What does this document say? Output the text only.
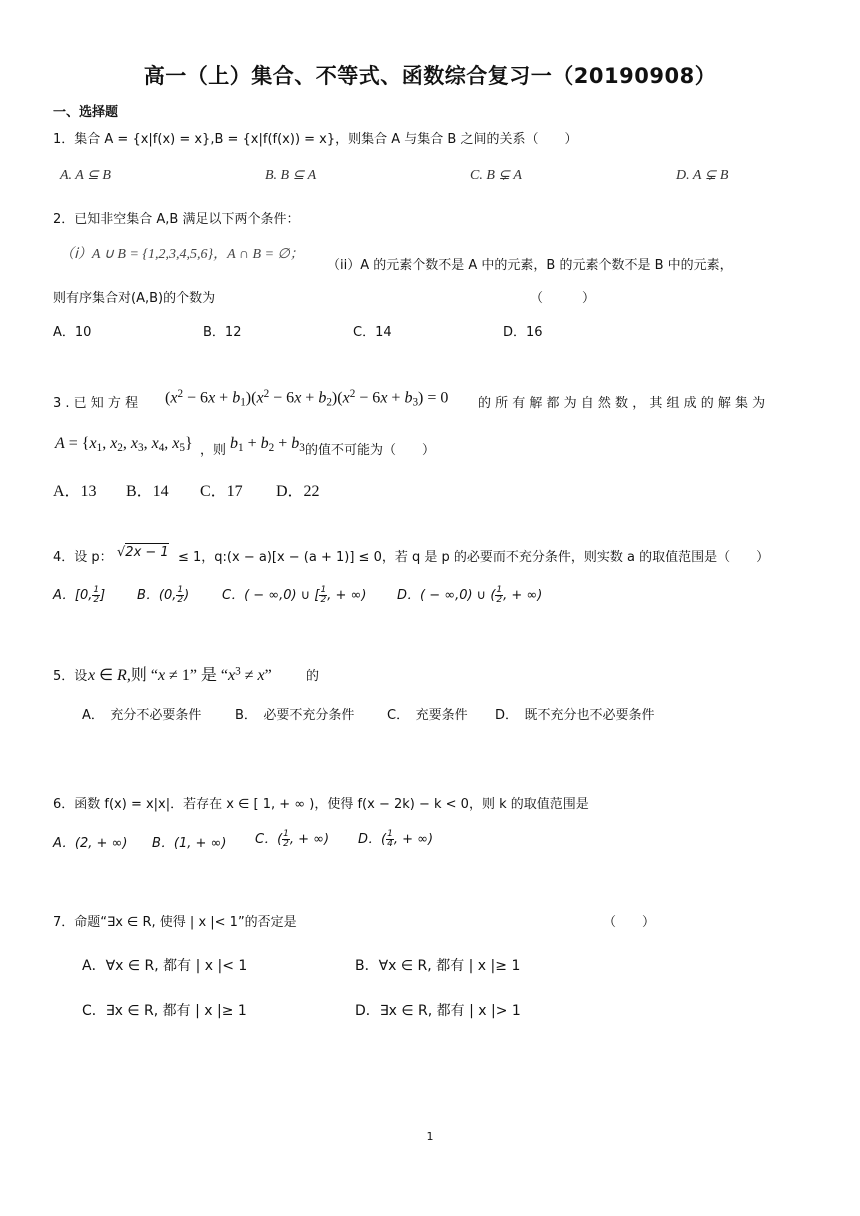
高一（上）集合、不等式、函数综合复习一（20190908）
一、选择题
1．集合 A = {x|f(x) = x},B = {x|f(f(x)) = x}，则集合 A 与集合 B 之间的关系（　　）
A. A ⊆ B	B. B ⊆ A	C. B ⊊ A	D. A ⊊ B
2．已知非空集合 A,B 满足以下两个条件：
（ⅰ）A ∪ B = {1,2,3,4,5,6}，A ∩ B = ∅；
（ii）A 的元素个数不是 A 中的元素，B 的元素个数不是 B 中的元素，
则有序集合对(A,B)的个数为	（　　　）
A．10	B．12	C．14	D．16
3 . 已 知 方 程 $(x^2 - 6x + b_1)(x^2 - 6x + b_2)(x^2 - 6x + b_3) = 0$ 的 所 有 解 都 为 自 然 数 ， 其 组 成 的 解 集 为
$A = \{x_1$, $x_2$, $x_3$, $x_4$, $x_5$} ，则 $b_1 + b_2 + b_3$ 的值不可能为（　　）
A．13 B．14 C．17 D．22
4．设 p： √2x − 1 ≤ 1，q:(x − a)[x − (a + 1)] ≤ 0，若 q 是 p 的必要而不充分条件，则实数 a 的取值范围是（　　）
A．[0, $\frac{1}{2}$ ] B．(0, $\frac{1}{2}$ )	C．( − ∞,0) ∪ [ $\frac{1}{2}$ , + ∞) D．( − ∞,0) ∪ ( $\frac{1}{2}$ , + ∞)
5．设 x ∈ R,则 “x ≠ 1” 是 “$x^3 \ne x$”	的
A．　充分不必要条件	B．　必要不充分条件	C．　充要条件 D．　既不充分也不必要条件
6．函数 f(x) = x|x|．若存在 x ∈ [ 1, + ∞ )，使得 f(x − 2k) − k < 0，则 k 的取值范围是
A．(2, + ∞) B．(1, + ∞) C．( $\frac{1}{2}$ , + ∞) D．( $\frac{1}{4}$ , + ∞)
7．命题“∃x ∈ R, 使得 | x |< 1”的否定是	（　　）
A．∀x ∈ R, 都有 | x |< 1	B．∀x ∈ R, 都有 | x |≥ 1
C．∃x ∈ R, 都有 | x |≥ 1	D．∃x ∈ R, 都有 | x |> 1
1
